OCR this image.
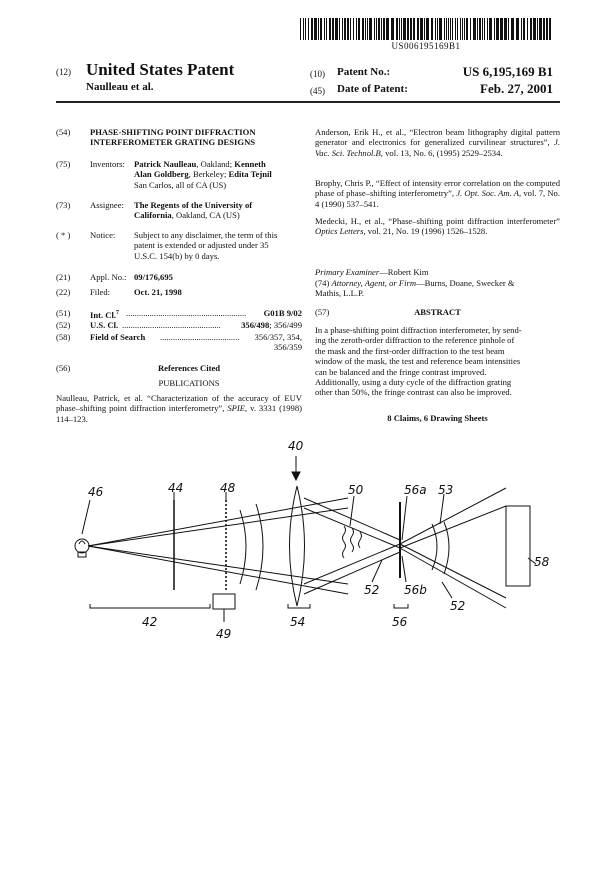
US006195169B1
(12) United States Patent
Naulleau et al.
(10) Patent No.:	US 6,195,169 B1
(45) Date of Patent:	Feb. 27, 2001
(54) PHASE-SHIFTING POINT DIFFRACTION
INTERFEROMETER GRATING DESIGNS
(75) Inventors: Patrick Naulleau, Oakland; Kenneth
Alan Goldberg, Berkeley; Edita Tejnil
San Carlos, all of CA (US)
(73) Assignee: The Regents of the University of
California, Oakland, CA (US)
( * ) Notice: Subject to any disclaimer, the term of this
patent is extended or adjusted under 35
U.S.C. 154(b) by 0 days.
(21) Appl. No.: 09/176,695
(22) Filed:	Oct. 21, 1998
(51) Int. Cl.$^7$ ........................................................	G01B 9/02
(52) U.S. Cl. ..............................................	356/498; 356/499
(58) Field of Search .....................................	356/357, 354,
356/359
(56)	References Cited
PUBLICATIONS
Naulleau, Patrick, et al. “Characterization of the accuracy of EUV phase–shifting point diffraction interferometry”, SPIE, v. 3331 (1998) 114–123.
Anderson, Erik H., et al., “Electron beam lithography digital pattern generator and electronics for generalized curvilinear structures”, J. Vac. Sci. Technol.B, vol. 13, No. 6, (1995) 2529–2534.
Brophy, Chris P., “Effect of intensity error correlation on the computed phase of phase–shifting interferometry”, J. Opt. Soc. Am. A, vol. 7, No. 4 (1990) 537–541.
Medecki, H., et al., “Phase–shifting point diffraction interferometer” Optics Letters, vol. 21, No. 19 (1996) 1526–1528.
Primary Examiner—Robert Kim
(74) Attorney, Agent, or Firm—Burns, Doane, Swecker &
Mathis, L.L.P.
(57)	ABSTRACT
In a phase-shifting point diffraction interferometer, by send-
ing the zeroth-order diffraction to the reference pinhole of
the mask and the first-order diffraction to the test beam
window of the mask, the test and reference beam intensities
can be balanced and the fringe contrast improved.
Additionally, using a duty cycle of the diffraction grating
other than 50%, the fringe contrast can also be improved.
8 Claims, 6 Drawing Sheets
40
46	44	48	50	56a 53
58
52 56b
52
42	54	56
49
